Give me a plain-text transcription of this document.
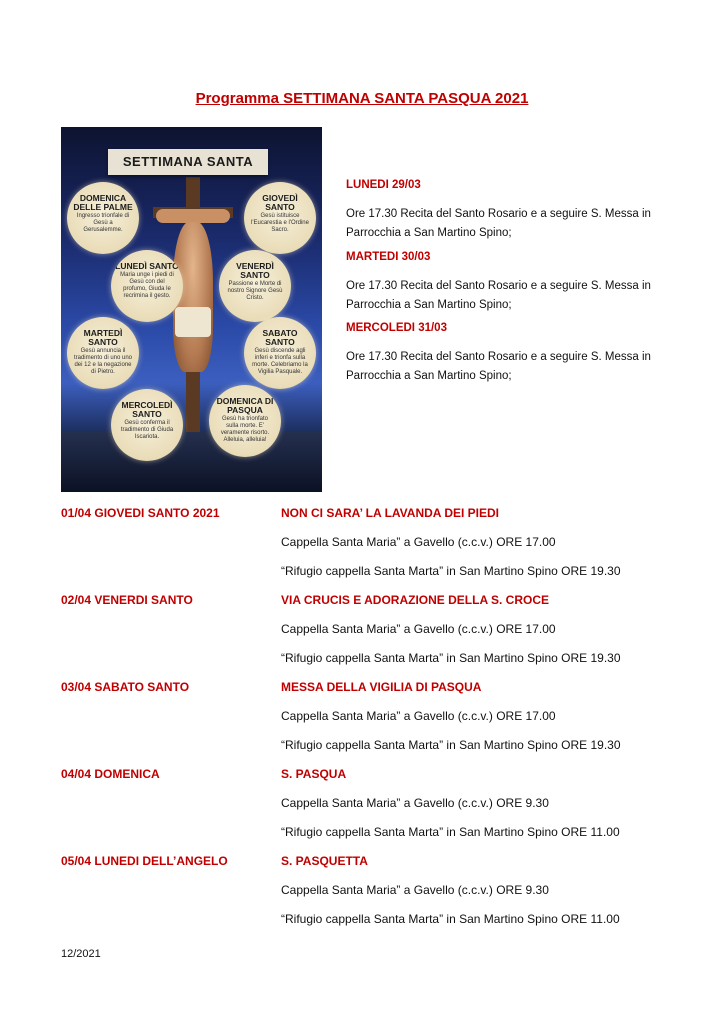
Programma SETTIMANA SANTA PASQUA 2021
SETTIMANA SANTA
DOMENICA DELLE PALME
Ingresso trionfale di Gesù a Gerusalemme.
GIOVEDÌ SANTO
Gesù istituisce l'Eucarestia e l'Ordine Sacro.
LUNEDÌ SANTO
Maria unge i piedi di Gesù con del profumo, Giuda le recrimina il gesto.
VENERDÌ SANTO
Passione e Morte di nostro Signore Gesù Cristo.
MARTEDÌ SANTO
Gesù annuncia il tradimento di uno uno dei 12 e la negazione di Pietro.
SABATO SANTO
Gesù discende agli inferi e trionfa sulla morte. Celebriamo la Vigilia Pasquale.
MERCOLEDÌ SANTO
Gesù conferma il tradimento di Giuda Iscariota.
DOMENICA DI PASQUA
Gesù ha trionfato sulla morte. E' veramente risorto. Alleluia, alleluia!
LUNEDI 29/03
Ore 17.30 Recita del Santo Rosario e a seguire S. Messa in Parrocchia a San Martino Spino;
MARTEDI 30/03
Ore 17.30 Recita del Santo Rosario e a seguire S. Messa in Parrocchia a San Martino Spino;
MERCOLEDI 31/03
Ore 17.30 Recita del Santo Rosario e a seguire S. Messa in Parrocchia a San Martino Spino;
01/04 GIOVEDI SANTO 2021	NON CI SARA’ LA LAVANDA DEI PIEDI
Cappella Santa Maria” a Gavello (c.c.v.) ORE 17.00
“Rifugio cappella Santa Marta” in San Martino Spino ORE 19.30
02/04 VENERDI SANTO	VIA CRUCIS E ADORAZIONE DELLA S. CROCE
Cappella Santa Maria” a Gavello (c.c.v.) ORE 17.00
“Rifugio cappella Santa Marta” in San Martino Spino ORE 19.30
03/04 SABATO SANTO	MESSA DELLA VIGILIA DI PASQUA
Cappella Santa Maria” a Gavello (c.c.v.) ORE 17.00
“Rifugio cappella Santa Marta” in San Martino Spino ORE 19.30
04/04 DOMENICA	S. PASQUA
Cappella Santa Maria” a Gavello (c.c.v.) ORE 9.30
“Rifugio cappella Santa Marta” in San Martino Spino ORE 11.00
05/04 LUNEDI DELL’ANGELO	S. PASQUETTA
Cappella Santa Maria” a Gavello (c.c.v.) ORE 9.30
“Rifugio cappella Santa Marta” in San Martino Spino ORE 11.00
12/2021
